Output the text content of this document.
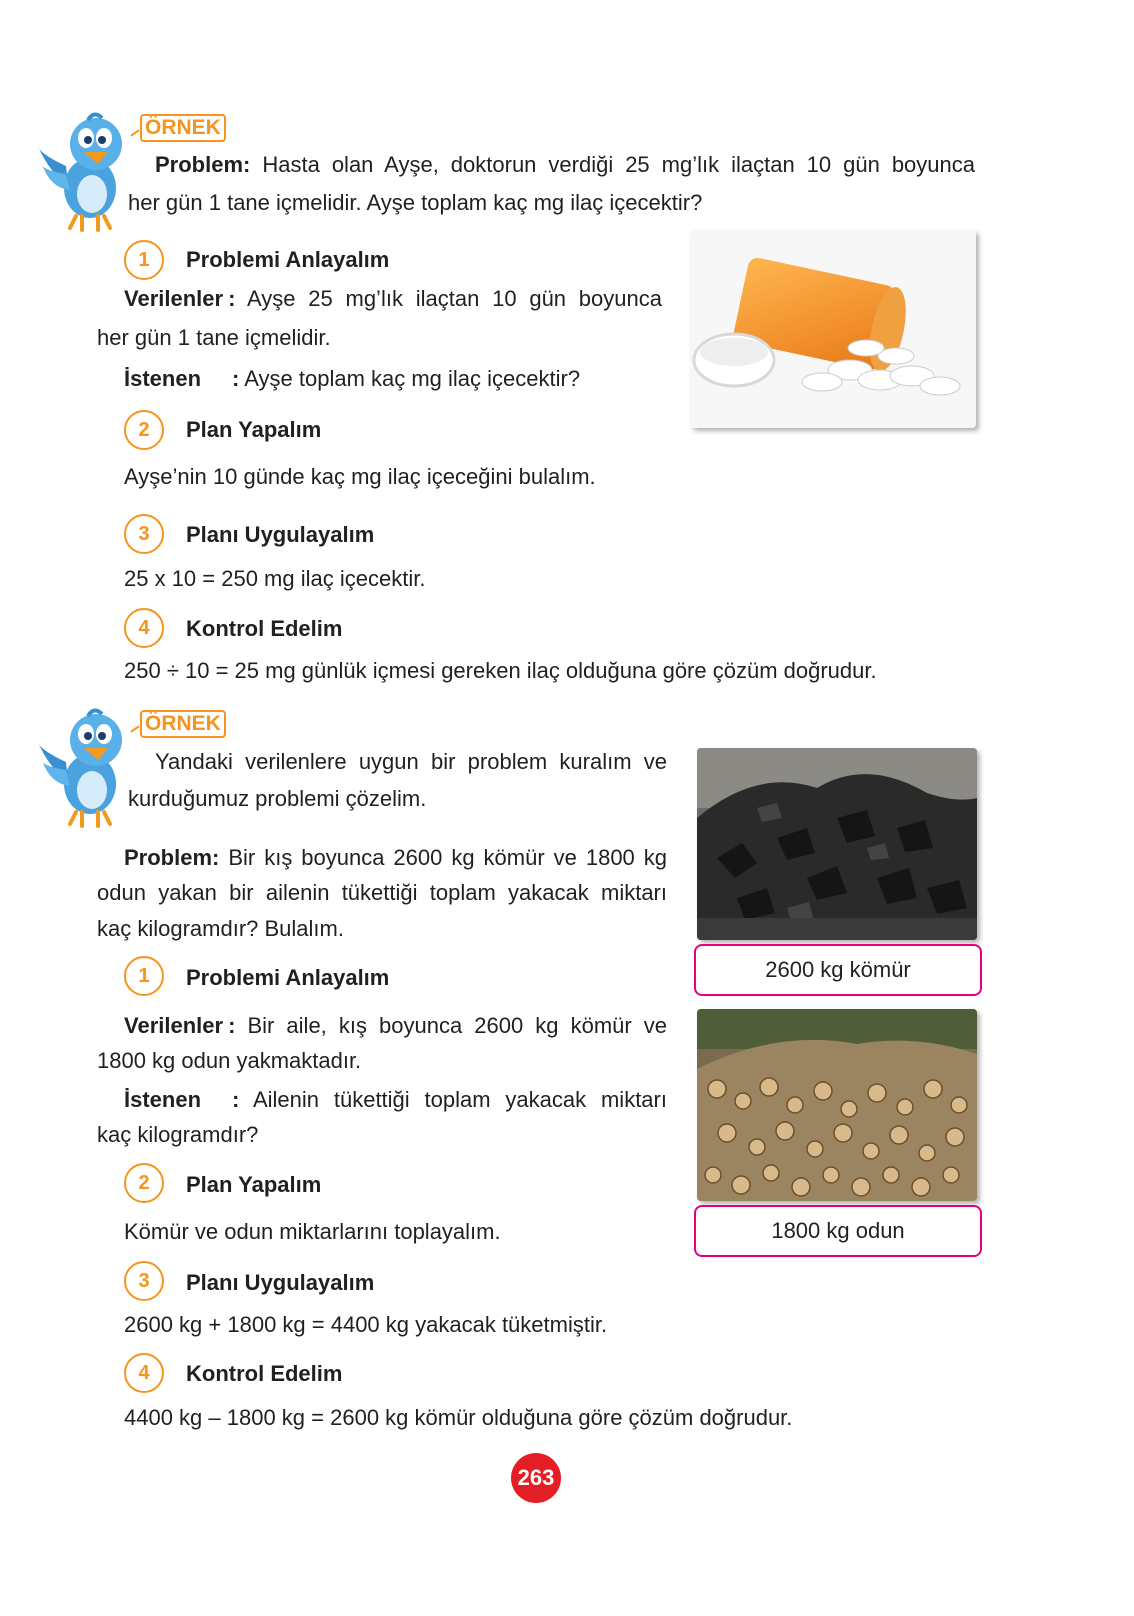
ÖRNEK
Problem: Hasta olan Ayşe, doktorun verdiği 25 mg’lık ilaçtan 10 gün boyunca
her gün 1 tane içmelidir. Ayşe toplam kaç mg ilaç içecektir?
1	Problemi Anlayalım
Verilenler : Ayşe 25 mg’lık ilaçtan 10 gün boyunca
her gün 1 tane içmelidir.
İstenen : Ayşe toplam kaç mg ilaç içecektir?
2	Plan Yapalım
Ayşe’nin 10 günde kaç mg ilaç içeceğini bulalım.
3	Planı Uygulayalım
25 x 10 = 250 mg ilaç içecektir.
4	Kontrol Edelim
250 ÷ 10 = 25 mg günlük içmesi gereken ilaç olduğuna göre çözüm doğrudur.
ÖRNEK
Yandaki verilenlere uygun bir problem kuralım ve
kurduğumuz problemi çözelim.
Problem: Bir kış boyunca 2600 kg kömür ve 1800 kg
odun yakan bir ailenin tükettiği toplam yakacak miktarı
kaç kilogramdır? Bulalım.
2600 kg kömür
1800 kg odun
1	Problemi Anlayalım
Verilenler : Bir aile, kış boyunca 2600 kg kömür ve
1800 kg odun yakmaktadır.
İstenen : Ailenin tükettiği toplam yakacak miktarı
kaç kilogramdır?
2	Plan Yapalım
Kömür ve odun miktarlarını toplayalım.
3	Planı Uygulayalım
2600 kg + 1800 kg = 4400 kg yakacak tüketmiştir.
4	Kontrol Edelim
4400 kg – 1800 kg = 2600 kg kömür olduğuna göre çözüm doğrudur.
263
